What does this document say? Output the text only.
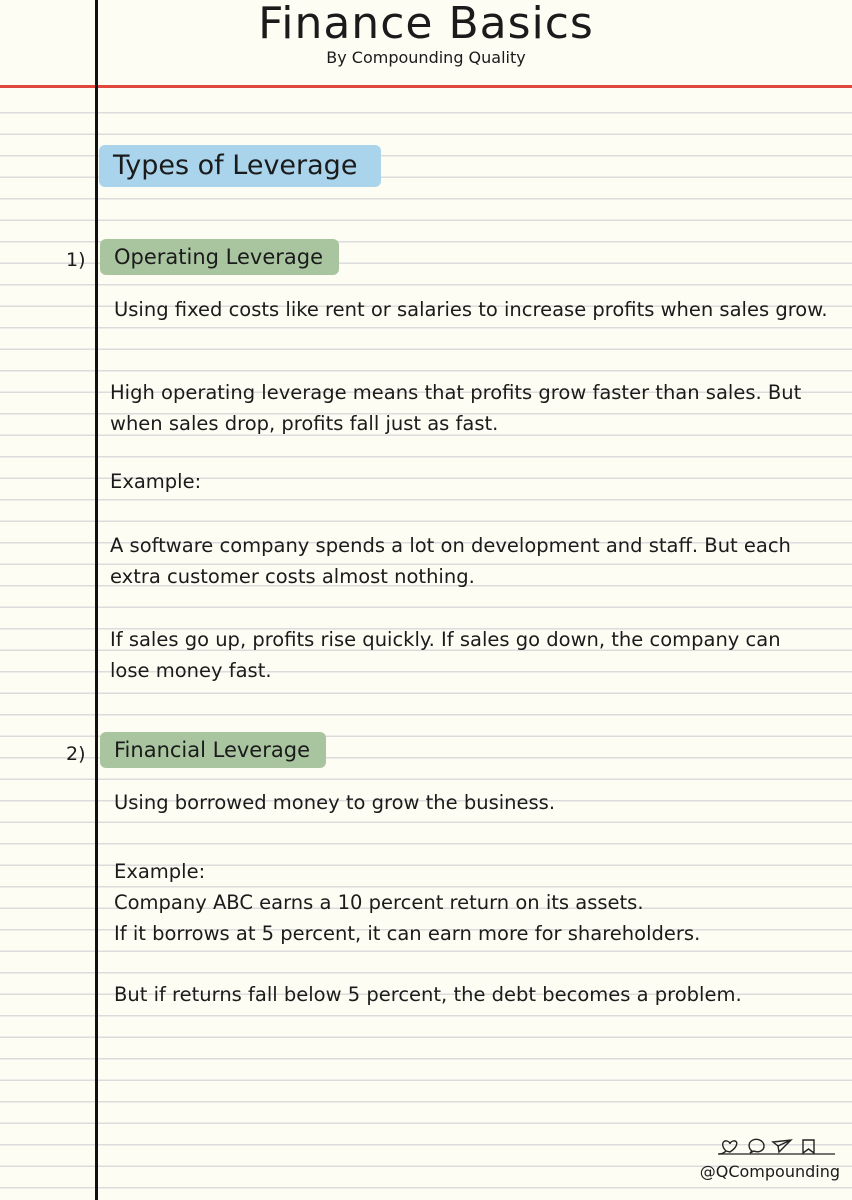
Finance Basics
By Compounding Quality
Types of Leverage
1)	Operating Leverage

Using fixed costs like rent or salaries to increase profits when sales grow.

High operating leverage means that profits grow faster than sales. But when sales drop, profits fall just as fast.

Example:

A software company spends a lot on development and staff. But each extra customer costs almost nothing.

If sales go up, profits rise quickly. If sales go down, the company can lose money fast.

2)	Financial Leverage

Using borrowed money to grow the business.

Example:

Company ABC earns a 10 percent return on its assets.

If it borrows at 5 percent, it can earn more for shareholders.

But if returns fall below 5 percent, the debt becomes a problem.

@QCompounding
